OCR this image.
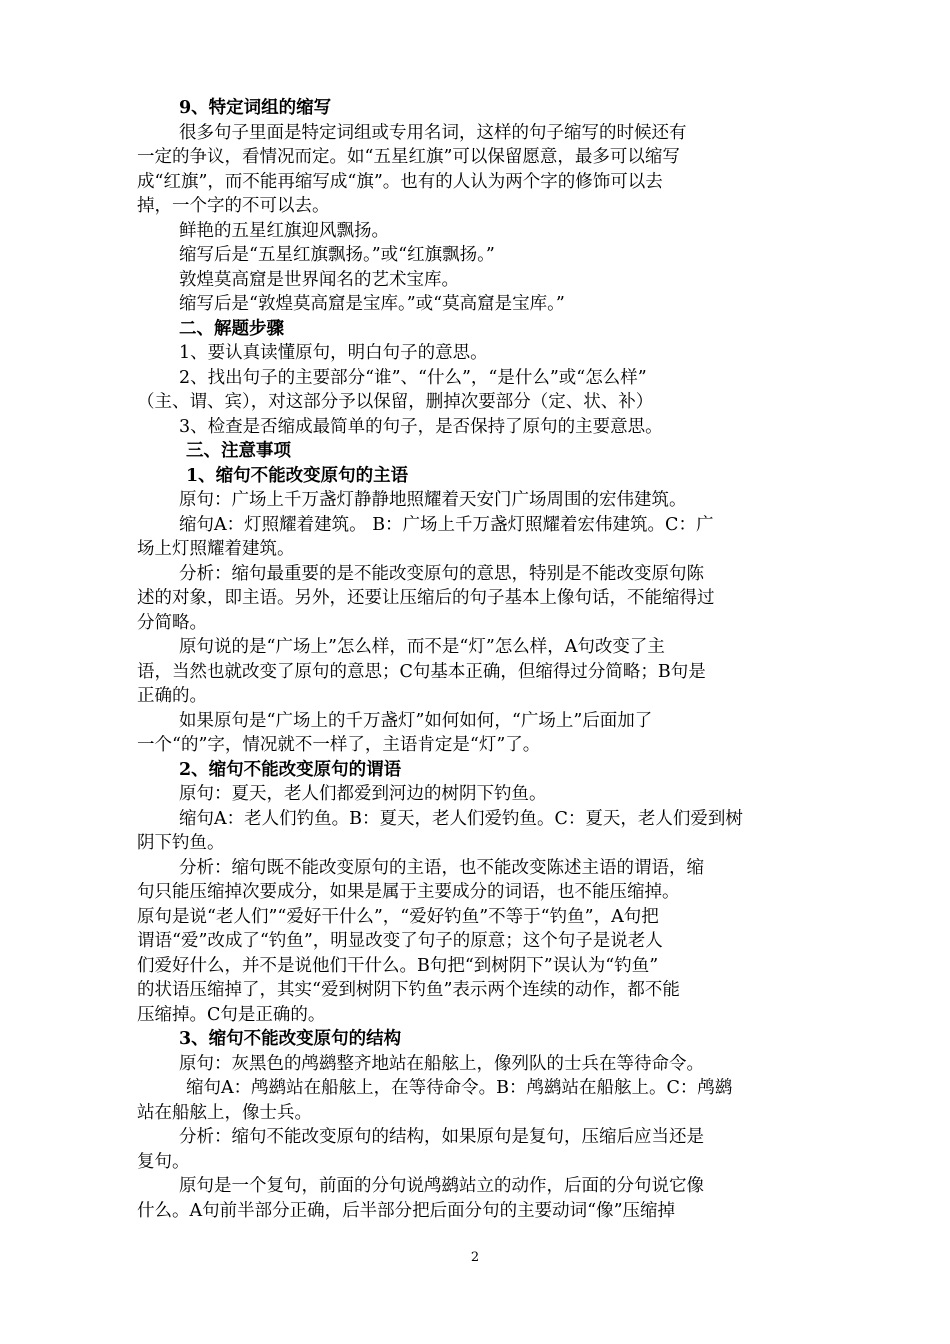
9、特定词组的缩写
很多句子里面是特定词组或专用名词，这样的句子缩写的时候还有
一定的争议，看情况而定。如“五星红旗”可以保留愿意，最多可以缩写
成“红旗”，而不能再缩写成“旗”。也有的人认为两个字的修饰可以去
掉，一个字的不可以去。
鲜艳的五星红旗迎风飘扬。
缩写后是“五星红旗飘扬。”或“红旗飘扬。”
敦煌莫高窟是世界闻名的艺术宝库。
缩写后是“敦煌莫高窟是宝库。”或“莫高窟是宝库。”
二、解题步骤
1、要认真读懂原句，明白句子的意思。
2、找出句子的主要部分“谁”、“什么”，“是什么”或“怎么样”
（主、谓、宾），对这部分予以保留，删掉次要部分（定、状、补）
3、检查是否缩成最简单的句子，是否保持了原句的主要意思。
三、注意事项
1、缩句不能改变原句的主语
原句：广场上千万盏灯静静地照耀着天安门广场周围的宏伟建筑。
缩句A：灯照耀着建筑。 B：广场上千万盏灯照耀着宏伟建筑。C：广
场上灯照耀着建筑。
分析：缩句最重要的是不能改变原句的意思，特别是不能改变原句陈
述的对象，即主语。另外，还要让压缩后的句子基本上像句话，不能缩得过
分简略。
原句说的是“广场上”怎么样，而不是“灯”怎么样，A句改变了主
语，当然也就改变了原句的意思；C句基本正确，但缩得过分简略；B句是
正确的。
如果原句是“广场上的千万盏灯”如何如何，“广场上”后面加了
一个“的”字，情况就不一样了，主语肯定是“灯”了。
2、缩句不能改变原句的谓语
原句：夏天，老人们都爱到河边的树阴下钓鱼。
缩句A：老人们钓鱼。B：夏天，老人们爱钓鱼。C：夏天，老人们爱到树
阴下钓鱼。
分析：缩句既不能改变原句的主语，也不能改变陈述主语的谓语，缩
句只能压缩掉次要成分，如果是属于主要成分的词语，也不能压缩掉。
原句是说“老人们”“爱好干什么”，“爱好钓鱼”不等于“钓鱼”，A句把
谓语“爱”改成了“钓鱼”，明显改变了句子的原意；这个句子是说老人
们爱好什么，并不是说他们干什么。B句把“到树阴下”误认为“钓鱼”
的状语压缩掉了，其实“爱到树阴下钓鱼”表示两个连续的动作，都不能
压缩掉。C句是正确的。
3、缩句不能改变原句的结构
原句：灰黑色的鸬鹚整齐地站在船舷上，像列队的士兵在等待命令。
缩句A：鸬鹚站在船舷上，在等待命令。B：鸬鹚站在船舷上。C：鸬鹚
站在船舷上，像士兵。
分析：缩句不能改变原句的结构，如果原句是复句，压缩后应当还是
复句。
原句是一个复句，前面的分句说鸬鹚站立的动作，后面的分句说它像
什么。A句前半部分正确，后半部分把后面分句的主要动词“像”压缩掉
2
